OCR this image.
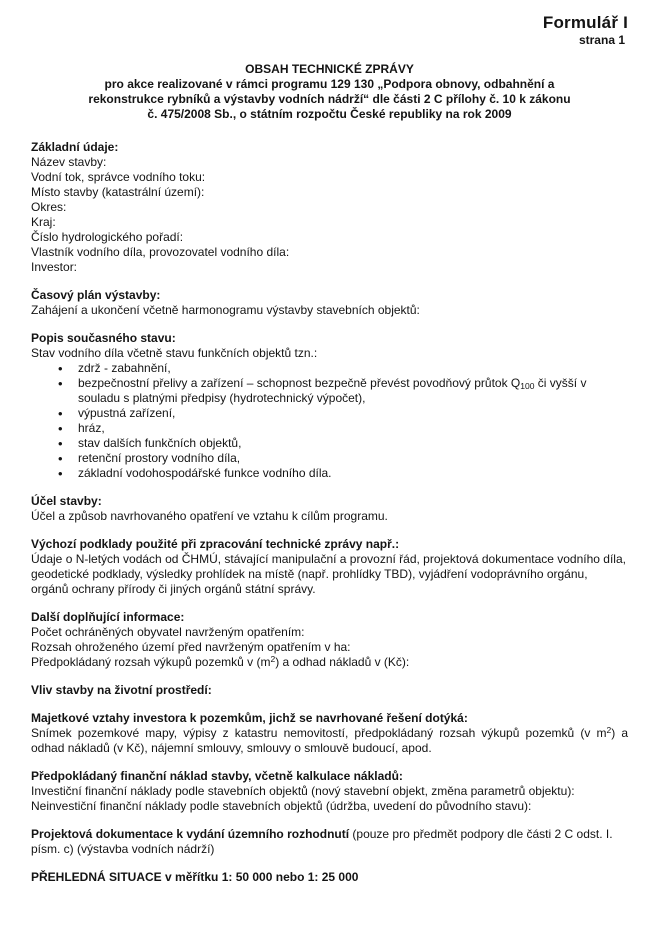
Formulář I
strana 1
OBSAH TECHNICKÉ ZPRÁVY
pro akce realizované v rámci programu 129 130 „Podpora obnovy, odbahnění a
rekonstrukce rybníků a výstavby vodních nádrží“ dle části 2 C přílohy č. 10 k zákonu
č. 475/2008 Sb., o státním rozpočtu České republiky na rok 2009
Základní údaje:

Název stavby:

Vodní tok, správce vodního toku:

Místo stavby (katastrální území):

Okres:

Kraj:

Číslo hydrologického pořadí:

Vlastník vodního díla, provozovatel vodního díla:

Investor:

Časový plán výstavby:

Zahájení a ukončení včetně harmonogramu výstavby stavebních objektů:

Popis současného stavu:

Stav vodního díla včetně stavu funkčních objektů tzn.:

•	zdrž - zabahnění,
•	bezpečnostní přelivy a zařízení – schopnost bezpečně převést povodňový průtok $Q_{100}$ či vyšší v souladu s platnými předpisy (hydrotechnický výpočet),
•	výpustná zařízení,
•	hráz,
•	stav dalších funkčních objektů,
•	retenční prostory vodního díla,
•	základní vodohospodářské funkce vodního díla.
Účel stavby:

Účel a způsob navrhovaného opatření ve vztahu k cílům programu.

Výchozí podklady použité při zpracování technické zprávy např.:

Údaje o N-letých vodách od ČHMÚ, stávající manipulační a provozní řád, projektová dokumentace vodního díla, geodetické podklady, výsledky prohlídek na místě (např. prohlídky TBD), vyjádření vodoprávního orgánu, orgánů ochrany přírody či jiných orgánů státní správy.

Další doplňující informace:

Počet ochráněných obyvatel navrženým opatřením:

Rozsah ohroženého území před navrženým opatřením v ha:

Předpokládaný rozsah výkupů pozemků v $(m^2)$ a odhad nákladů v (Kč):

Vliv stavby na životní prostředí:
Majetkové vztahy investora k pozemkům, jichž se navrhované řešení dotýká:

Snímek pozemkové mapy, výpisy z katastru nemovitostí, předpokládaný rozsah výkupů pozemků (v $m^2$) a odhad nákladů (v Kč), nájemní smlouvy, smlouvy o smlouvě budoucí, apod.

Předpokládaný finanční náklad stavby, včetně kalkulace nákladů:

Investiční finanční náklady podle stavebních objektů (nový stavební objekt, změna parametrů objektu):

Neinvestiční finanční náklady podle stavebních objektů (údržba, uvedení do původního stavu):

Projektová dokumentace k vydání územního rozhodnutí (pouze pro předmět podpory dle části 2 C odst. I. písm. c) (výstavba vodních nádrží)

PŘEHLEDNÁ SITUACE v měřítku 1: 50 000 nebo 1: 25 000
